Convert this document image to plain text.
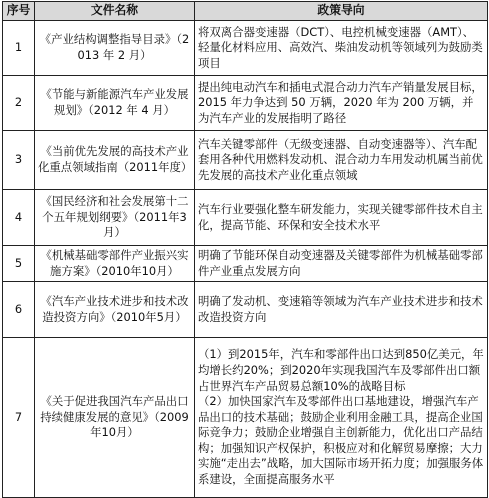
序号	文件名称	政策导向
1	《产业结构调整指导目录》（2013 年 2 月）	将双离合器变速器（DCT）、电控机械变速器（AMT）、轻量化材料应用、高效汽、柴油发动机等领域列为鼓励类项目

2	《节能与新能源汽车产业发展规划》（2012 年 4 月）	提出纯电动汽车和插电式混合动力汽车产销量发展目标，2015 年力争达到 50 万辆，2020 年为 200 万辆，并为汽车产业的发展指明了路径

3	《当前优先发展的高技术产业化重点领域指南（2011年度）	汽车关键零部件（无级变速器、自动变速器等）、汽车配套用各种代用燃料发动机、混合动力车用发动机属当前优先发展的高技术产业化重点领域

4	《国民经济和社会发展第十二个五年规划纲要》（2011年3月）	汽车行业要强化整车研发能力，实现关键零部件技术自主化，提高节能、环保和安全技术水平

5	《机械基础零部件产业振兴实施方案》（2010年10月）	明确了节能环保自动变速器及关键零部件为机械基础零部件产业重点发展方向

6	《汽车产业技术进步和技术改造投资方向》（2010年5月）	明确了发动机、变速箱等领域为汽车产业技术进步和技术改造投资方向

7	《关于促进我国汽车产品出口持续健康发展的意见》（2009年10月）	（1）到2015年，汽车和零部件出口达到850亿美元，年均增长约20%；到2020年实现我国汽车及零部件出口额占世界汽车产品贸易总额10%的战略目标
（2）加快国家汽车及零部件出口基地建设，增强汽车产品出口的技术基础；鼓励企业利用金融工具，提高企业国际竞争力；鼓励企业增强自主创新能力，优化出口产品结构；加强知识产权保护，积极应对和化解贸易摩擦；大力实施“走出去”战略，加大国际市场开拓力度；加强服务体系建设，全面提高服务水平
